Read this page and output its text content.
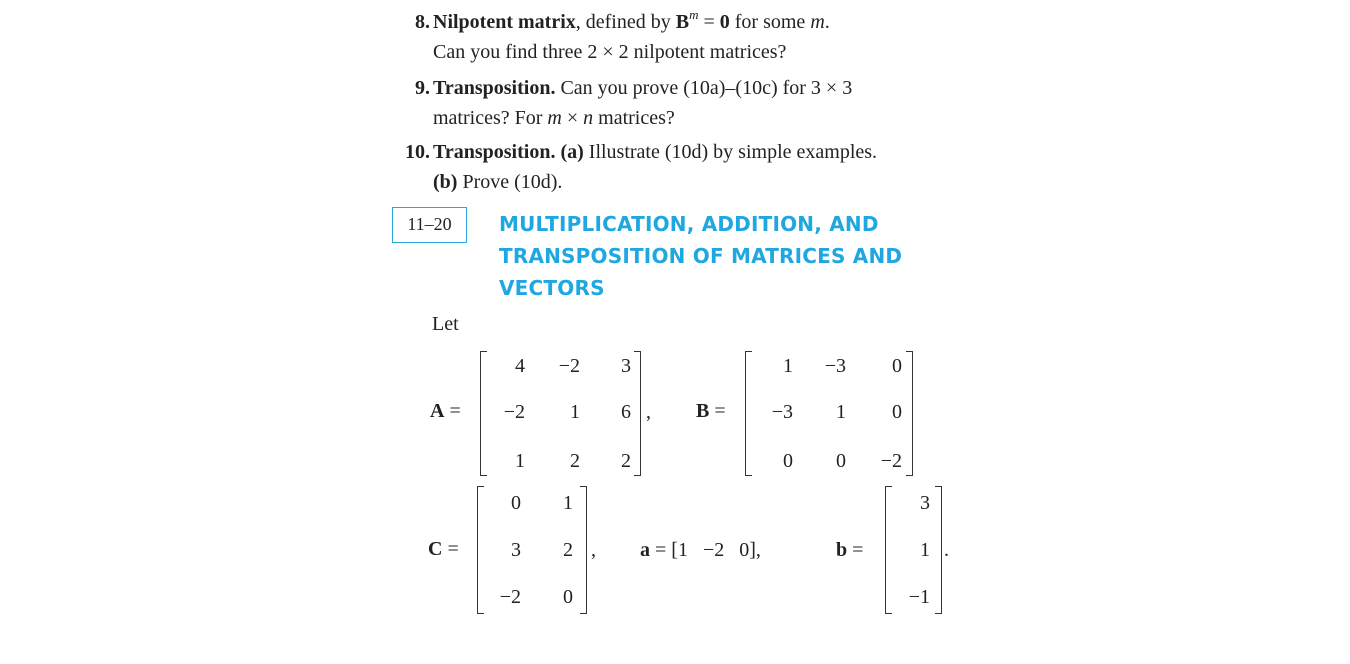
8. Nilpotent matrix, defined by $B^m = 0$ for some m.
Can you find three 2 × 2 nilpotent matrices?
9. Transposition. Can you prove (10a)–(10c) for 3 × 3
matrices? For m × n matrices?
10. Transposition. (a) Illustrate (10d) by simple examples.
(b) Prove (10d).
11–20	MULTIPLICATION, ADDITION, AND
TRANSPOSITION OF MATRICES AND
VECTORS
Let
A =
4	−2	3
−2	1	6
1	2	2
, B =
1	−3	0
−3	1	0
0	0	−2
C =
0	1
3	2
−2	0
, a = [1   −2   0],	b =
3
1
−1
.
